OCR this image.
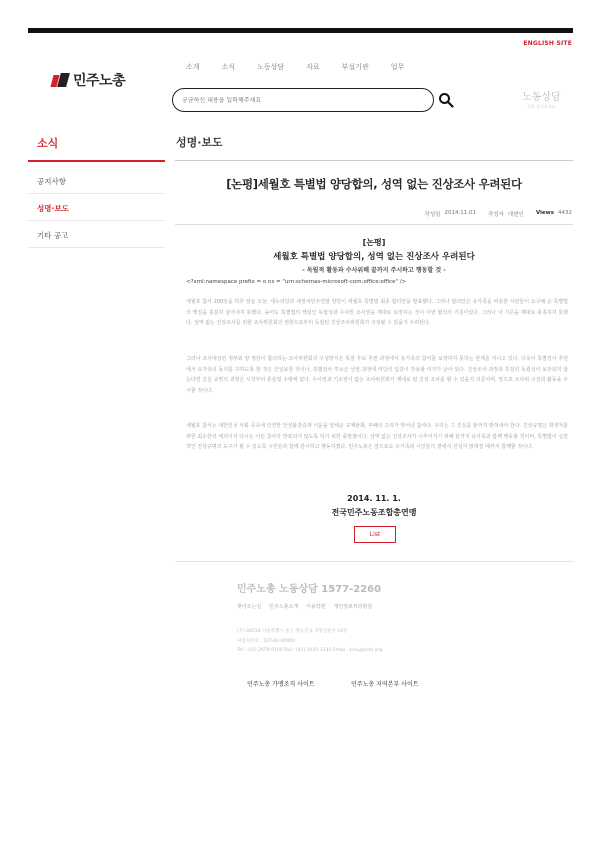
ENGLISH SITE
민주노총
소개	소식	노동상담	자료	부설기관	업무
궁금하신 내용을 입력해주세요
노동상담
전화 클릭하세요
소식
공지사항
성명·보도
기타 공고
성명·보도
[논평]세월호 특별법 양당합의, 성역 없는 진상조사 우려된다
작성일 2014.11.01 작성자 대변인 Views 4432
[논평]
세월호 특별법 양당합의, 성역 없는 진상조사 우려된다
- 독립적 활동과 수사위해 끝까지 주시하고 행동할 것 -
<?xml:namespace prefix = o ns = "urn:schemas-microsoft-com:office:office" />
세월호 참사 200일을 하루 앞둔 오늘, 새누리당과 새정치민주연합 양당이 세월호 특별법 최종 합의안을 발표했다. 그러나 합의안은 유가족을 비롯한 시민들이 요구해 온 특별법의 핵심을 충분히 담아내지 못했다. 늦어도 특별법의 핵심인 독립성과 수사권 조사권을 제대로 보장하는 것이 이번 합의의 기준이었다. 그러나 이 기준을 제대로 충족하지 못했다. 성역 없는 진상조사를 위한 조사위원회의 권한으로부터 독립된 진상조사위원회가 구성될 수 있을지 우려된다.
그러나 조사대상인 정부와 양 정당이 합의하는 조사위원회의 구성방식은 특검 후보 추천 과정에서 유가족의 참여를 보장하지 못하는 한계를 지니고 있다. 더욱이 특별검사 추천에서 유가족의 동의를 구하도록 한 것은 진일보한 것이나, 특별검사 후보군 선정 과정에 여당의 입김이 작용할 여지가 남아 있다. 진상조사 과정과 특검의 독립성이 보장되지 않는다면 진실 규명의 과정은 시작부터 흔들릴 수밖에 없다. 수사권과 기소권이 없는 조사위원회가 제대로 된 진상 조사를 할 수 있을지 의문이며, 앞으로 조사위 구성과 활동을 주시할 것이다.
세월호 참사는 대한민국 사회 곳곳에 만연한 안전불감증과 이윤을 앞세운 규제완화, 부패의 고리가 빚어낸 참사다. 우리는 그 진실을 끝까지 밝혀내야 한다. 진상규명은 희생자를 위한 최소한의 예의이자 다시는 이런 참사가 반복되지 않도록 하기 위한 출발점이다. 성역 없는 진상조사가 이루어지기 위해 끝까지 유가족과 함께 행동할 것이며, 특별법이 실질적인 진상규명의 도구가 될 수 있도록 시민들과 함께 감시하고 행동하겠다. 민주노총은 앞으로도 유가족과 시민들의 곁에서 진실이 밝혀질 때까지 함께할 것이다.
2014. 11. 1.
전국민주노동조합총연맹
List
민주노총 노동상담 1577-2260
찾아오는길 민주노총소개 이용약관 개인정보처리방침
(우) 04518 서울특별시 중구 정동길 3 경향신문사 14층
사업자번호 : 107-82-00000
Tel : (02) 2670-9100 Fax : (02) 2635-1134 Email : kctu@kctu.org
민주노총 가맹조직 사이트	민주노총 지역본부 사이트
